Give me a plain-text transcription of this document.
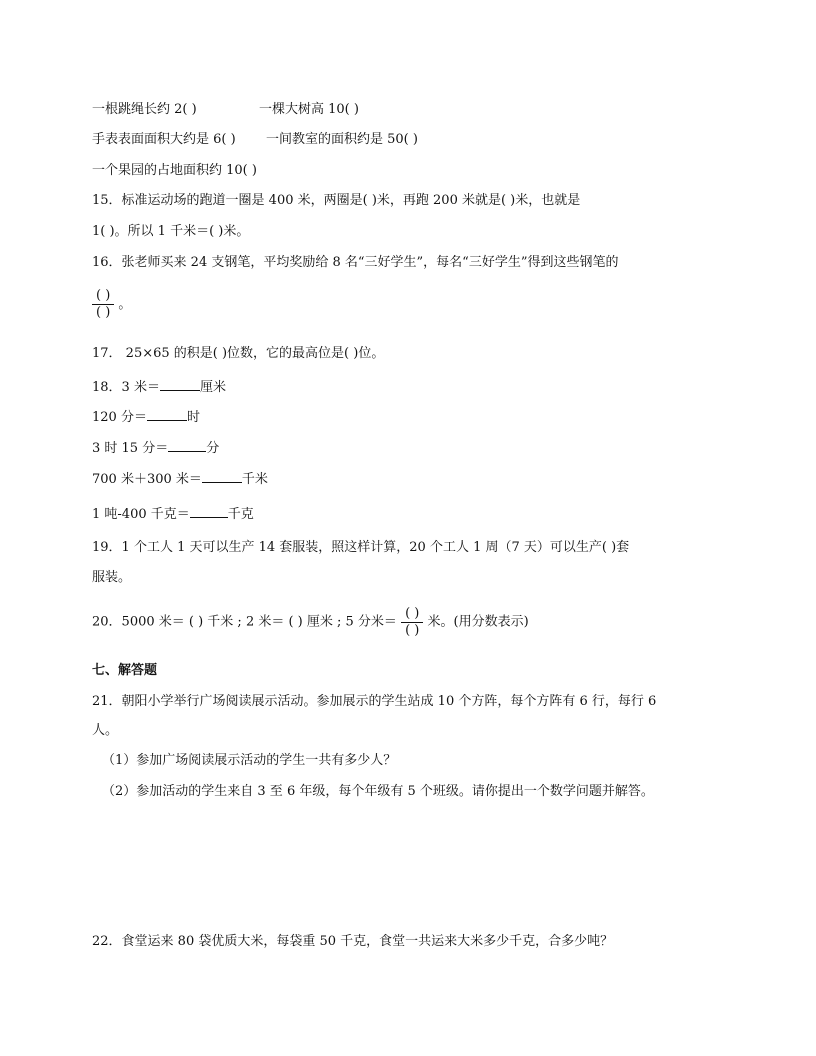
一根跳绳长约 2( )	一棵大树高 10( )
手表表面面积大约是 6( ) 一间教室的面积约是 50( )
一个果园的占地面积约 10( )
15．标准运动场的跑道一圈是 400 米，两圈是( )米，再跑 200 米就是( )米，也就是
1( )。所以 1 千米＝( )米。
16．张老师买来 24 支钢笔，平均奖励给 8 名“三好学生”，每名“三好学生”得到这些钢笔的
$\frac{( )}{( )}$ 。
17． 25×65 的积是( )位数，它的最高位是( )位。
18．3 米＝	厘米
120 分＝	时
3 时 15 分＝	分
700 米＋300 米＝	千米
1 吨-400 千克＝	千克
19．1 个工人 1 天可以生产 14 套服装，照这样计算，20 个工人 1 周（7 天）可以生产( )套
服装。
20．5000 米＝ ( ) 千米 ; 2 米＝ ( ) 厘米 ; 5 分米＝ $\frac{( )}{( )}$ 米。(用分数表示)
七、解答题
21．朝阳小学举行广场阅读展示活动。参加展示的学生站成 10 个方阵，每个方阵有 6 行，每行 6
人。
（1）参加广场阅读展示活动的学生一共有多少人？
（2）参加活动的学生来自 3 至 6 年级，每个年级有 5 个班级。请你提出一个数学问题并解答。
22．食堂运来 80 袋优质大米，每袋重 50 千克，食堂一共运来大米多少千克，合多少吨？
